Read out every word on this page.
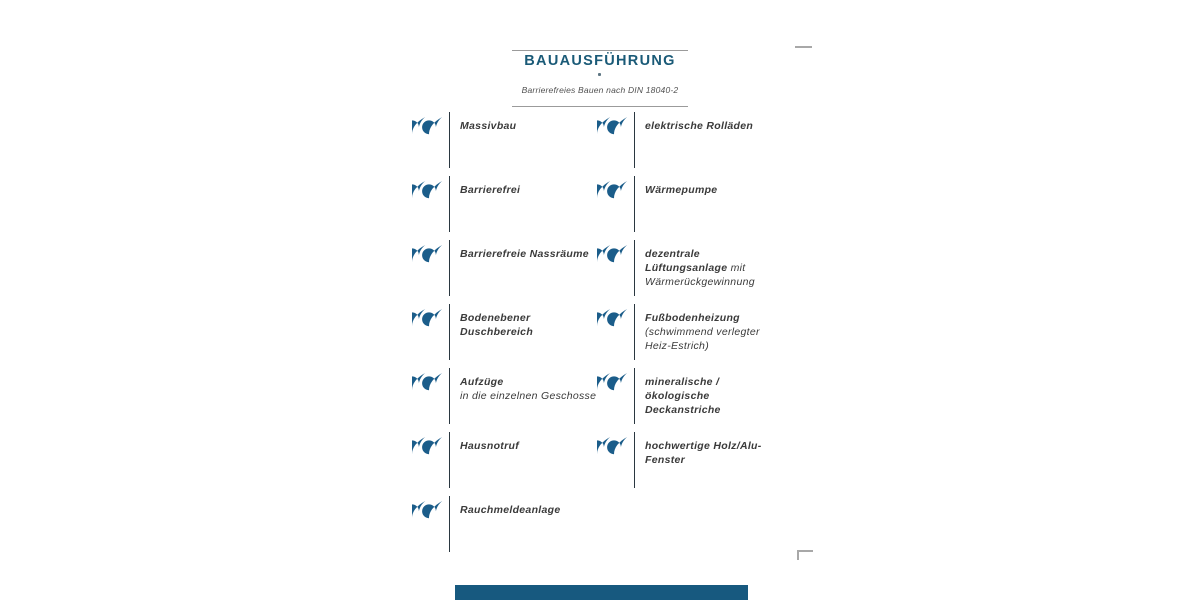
BAUAUSFÜHRUNG
Barrierefreies Bauen nach DIN 18040-2
Massivbau
Barrierefrei
Barrierefreie Nassräume
Bodenebener Duschbereich
Aufzüge
in die einzelnen Geschosse
Hausnotruf
Rauchmeldeanlage
elektrische Rolläden
Wärmepumpe
dezentrale Lüftungsanlage mit Wärmerückgewinnung
Fußbodenheizung (schwimmend verlegter Heiz-Estrich)
mineralische / ökologische Deckanstriche
hochwertige Holz/Alu-Fenster
